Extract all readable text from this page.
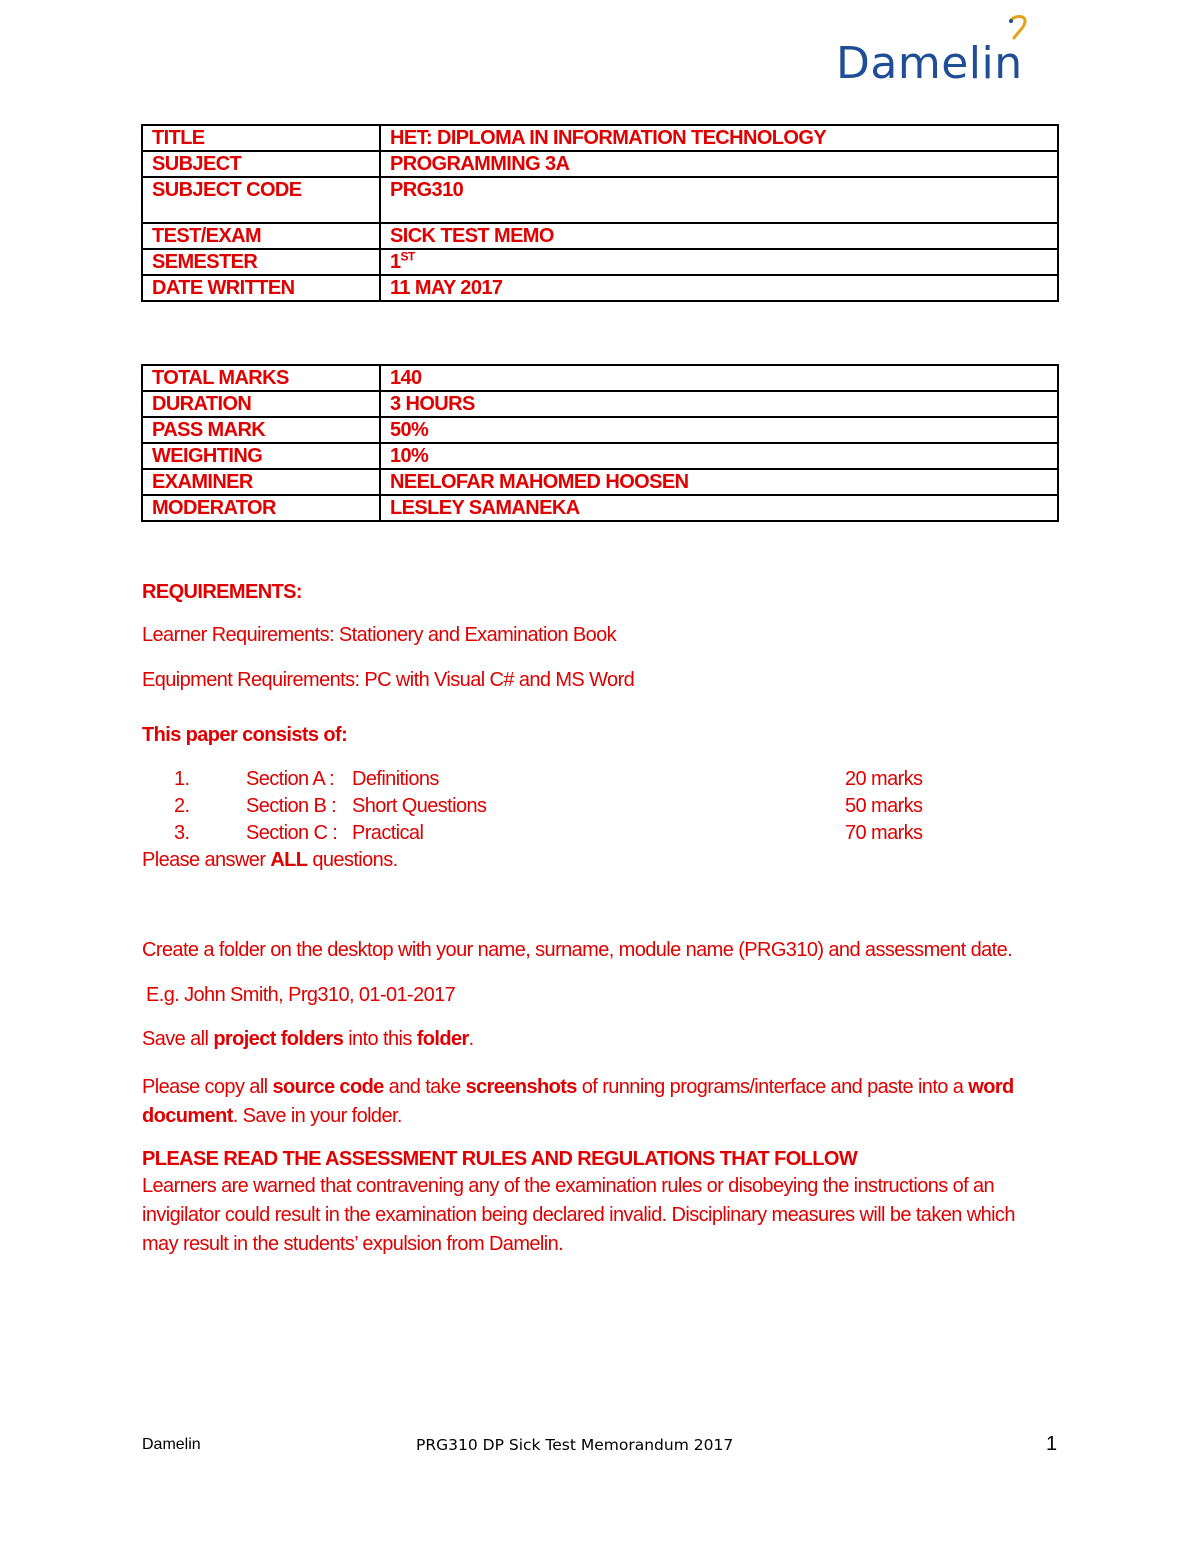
Damelin
TITLE	HET: DIPLOMA IN INFORMATION TECHNOLOGY
SUBJECT	PROGRAMMING 3A
SUBJECT CODE	PRG310
TEST/EXAM	SICK TEST MEMO
SEMESTER	1ST
DATE WRITTEN	11 MAY 2017
TOTAL MARKS	140
DURATION	3 HOURS
PASS MARK	50%
WEIGHTING	10%
EXAMINER	NEELOFAR MAHOMED HOOSEN
MODERATOR	LESLEY SAMANEKA
REQUIREMENTS:
Learner Requirements: Stationery and Examination Book
Equipment Requirements: PC with Visual C# and MS Word
This paper consists of:
1.	Section A : Definitions	20 marks
2.	Section B : Short Questions	50 marks
3.	Section C : Practical	70 marks
Please answer ALL questions.
Create a folder on the desktop with your name, surname, module name (PRG310) and assessment date.
E.g. John Smith, Prg310, 01-01-2017
Save all project folders into this folder.
Please copy all source code and take screenshots of running programs/interface and paste into a word
document. Save in your folder.
PLEASE READ THE ASSESSMENT RULES AND REGULATIONS THAT FOLLOW
Learners are warned that contravening any of the examination rules or disobeying the instructions of an
invigilator could result in the examination being declared invalid. Disciplinary measures will be taken which
may result in the students’ expulsion from Damelin.
Damelin	PRG310 DP Sick Test Memorandum 2017	1
